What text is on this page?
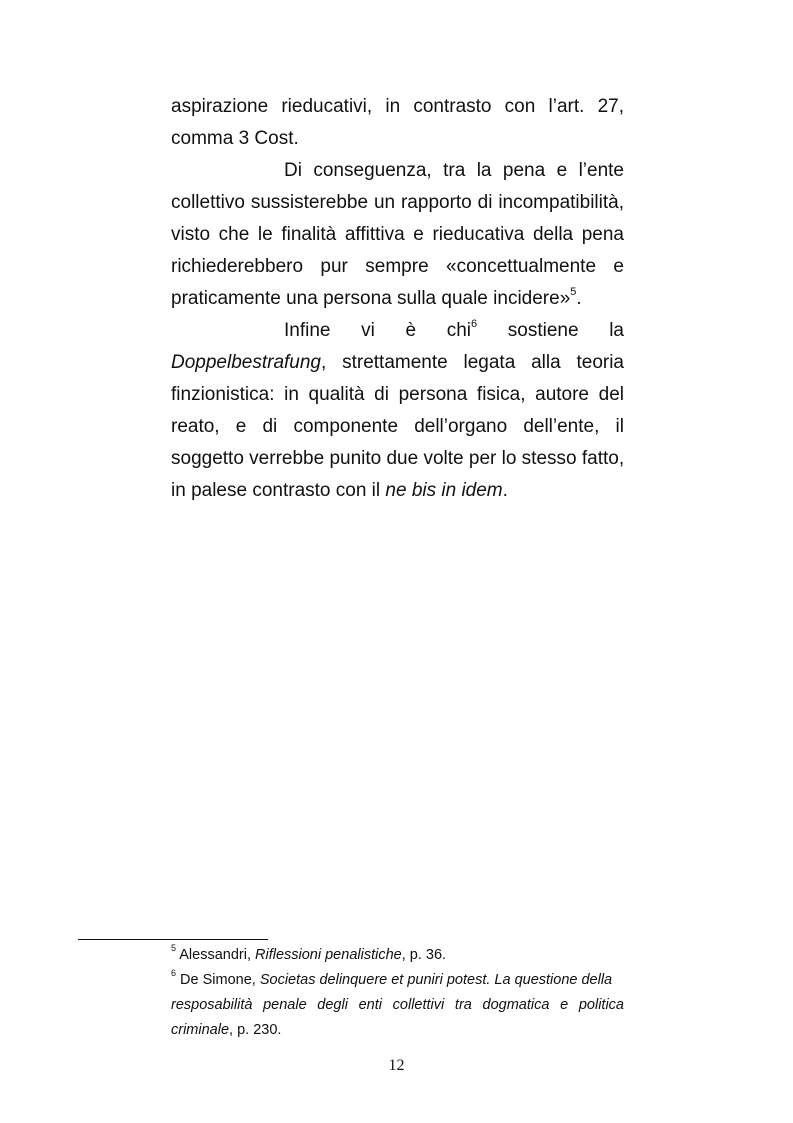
aspirazione rieducativi, in contrasto con l’art. 27,
comma 3 Cost.
Di conseguenza, tra la pena e l’ente
collettivo sussisterebbe un rapporto di incompatibilità,
visto che le finalità affittiva e rieducativa della pena
richiederebbero pur sempre «concettualmente e
praticamente una persona sulla quale incidere»$^5$.
Infine vi è chi$^6$ sostiene la
Doppelbestrafung, strettamente legata alla teoria
finzionistica: in qualità di persona fisica, autore del
reato, e di componente dell’organo dell’ente, il
soggetto verrebbe punito due volte per lo stesso fatto,
in palese contrasto con il ne bis in idem.
$^5$ Alessandri, Riflessioni penalistiche, p. 36.
$^6$ De Simone, Societas delinquere et puniri potest. La questione della
resposabilità penale degli enti collettivi tra dogmatica e politica
criminale, p. 230.
12
